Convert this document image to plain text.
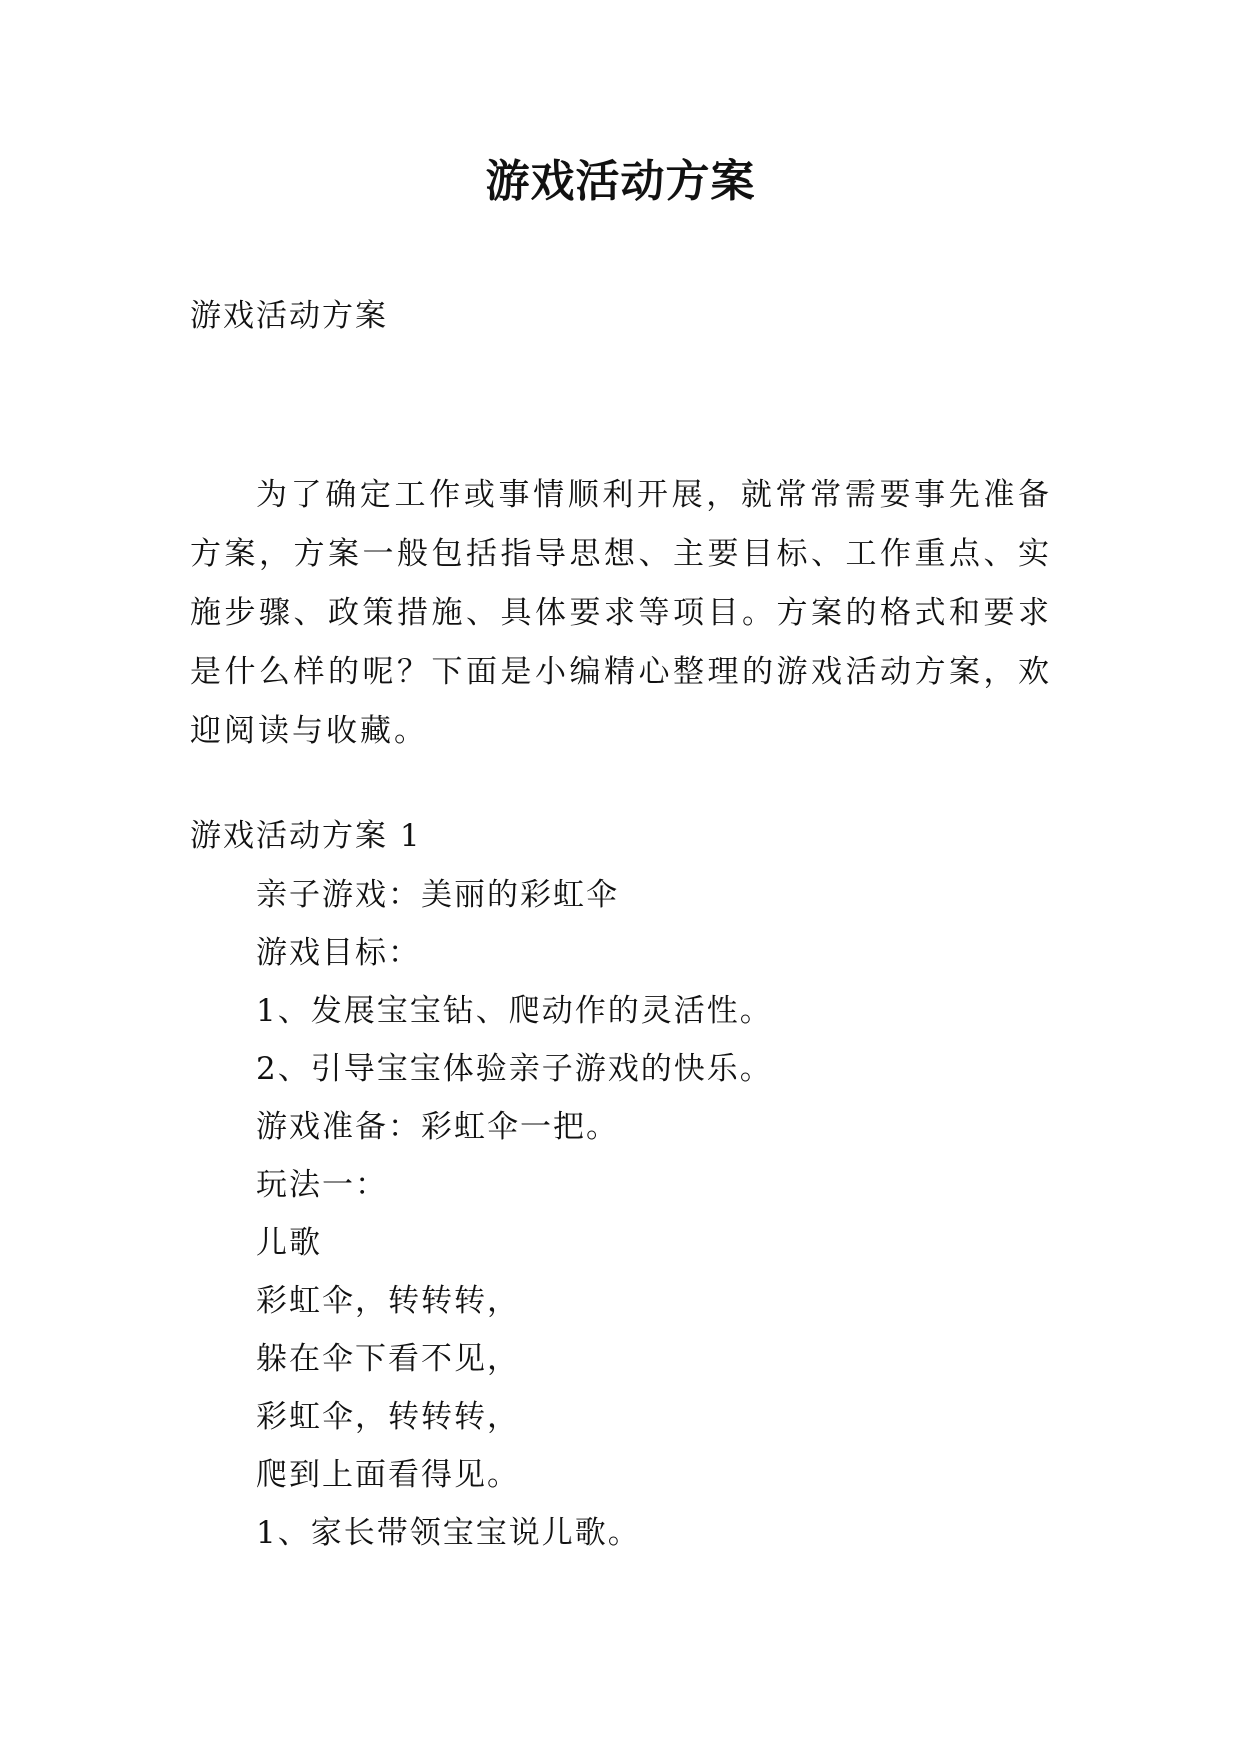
游戏活动方案
游戏活动方案

为了确定工作或事情顺利开展，就常常需要事先准备方案，方案一般包括指导思想、主要目标、工作重点、实施步骤、政策措施、具体要求等项目。方案的格式和要求是什么样的呢？下面是小编精心整理的游戏活动方案，欢迎阅读与收藏。

游戏活动方案 1
亲子游戏：美丽的彩虹伞
游戏目标：
1、发展宝宝钻、爬动作的灵活性。
2、引导宝宝体验亲子游戏的快乐。
游戏准备：彩虹伞一把。
玩法一：
儿歌
彩虹伞，转转转，
躲在伞下看不见，
彩虹伞，转转转，
爬到上面看得见。
1、家长带领宝宝说儿歌。
